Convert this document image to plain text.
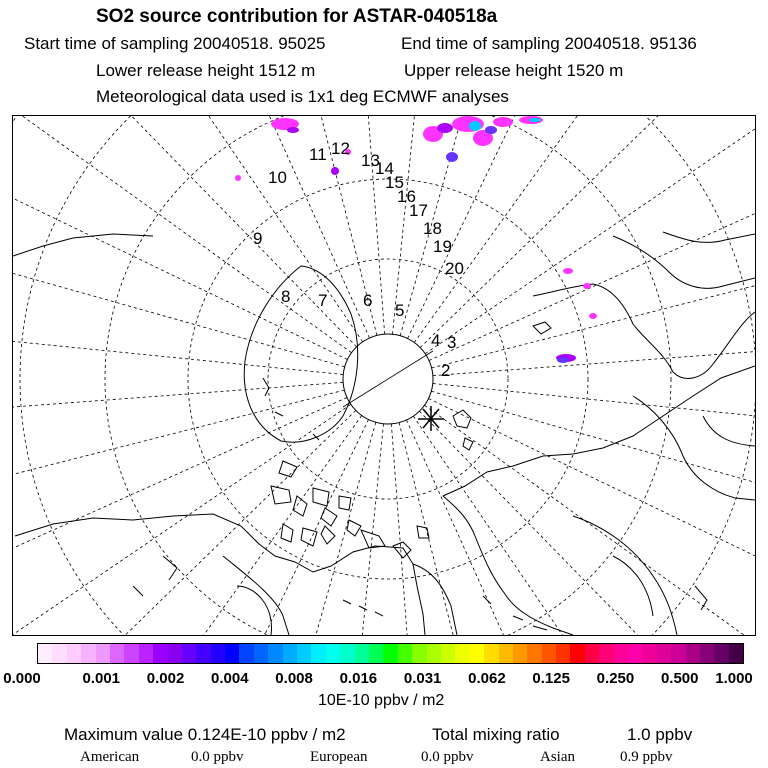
SO2 source contribution for ASTAR-040518a
Start time of sampling 20040518. 95025	End time of sampling 20040518. 95136
Lower release height 1512 m	Upper release height 1520 m
Meteorological data used is 1x1 deg ECMWF analyses
2
3
4
5
6
7
8
9
10
11 12
13
14
15
16
17
18
19
20
0.000	0.001 0.002 0.004 0.008 0.016 0.031 0.062 0.125 0.250 0.500 1.000
10E-10 ppbv / m2
Maximum value 0.124E-10 ppbv / m2	Total mixing ratio	1.0 ppbv
American	0.0 ppbv	European	0.0 ppbv	Asian	0.9 ppbv
